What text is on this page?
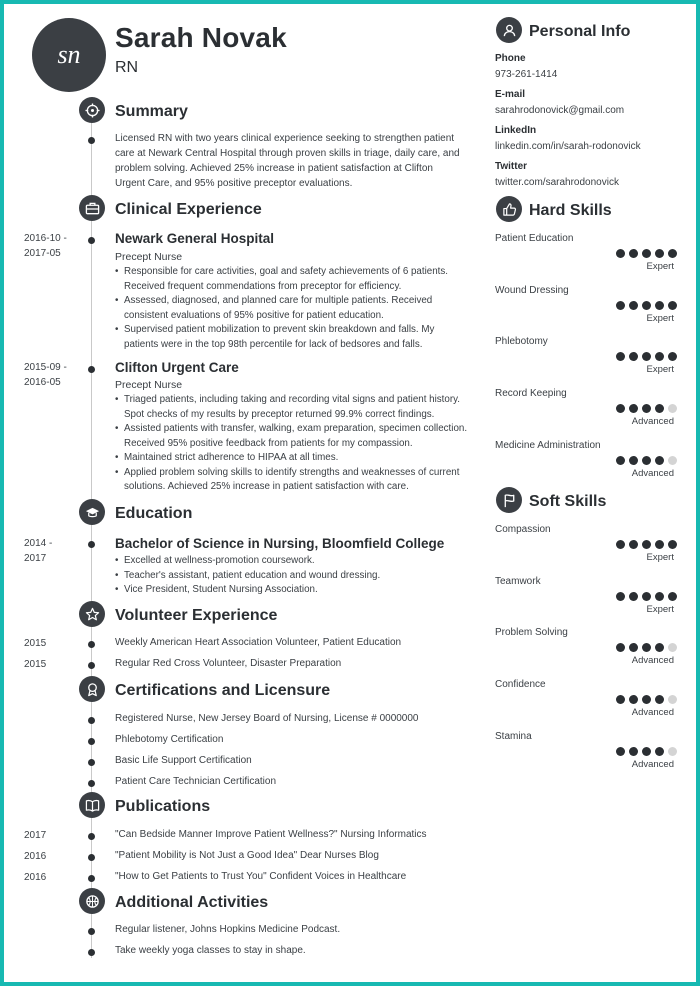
sn
Sarah Novak
RN
Summary
Licensed RN with two years clinical experience seeking to strengthen patient care at Newark Central Hospital through proven skills in triage, daily care, and problem solving. Achieved 25% increase in patient satisfaction at Clifton Urgent Care, and 95% positive preceptor evaluations.
Clinical Experience
2016-10 -
2017-05
Newark General Hospital
Precept Nurse
• Responsible for care activities, goal and safety achievements of 6 patients. Received frequent commendations from preceptor for efficiency.
• Assessed, diagnosed, and planned care for multiple patients. Received consistent evaluations of 95% positive for patient education.
• Supervised patient mobilization to prevent skin breakdown and falls. My patients were in the top 98th percentile for lack of bedsores and falls.
2015-09 -
2016-05
Clifton Urgent Care
Precept Nurse
• Triaged patients, including taking and recording vital signs and patient history. Spot checks of my results by preceptor returned 99.9% correct findings.
• Assisted patients with transfer, walking, exam preparation, specimen collection. Received 95% positive feedback from patients for my compassion.
• Maintained strict adherence to HIPAA at all times.
• Applied problem solving skills to identify strengths and weaknesses of current solutions. Achieved 25% increase in patient satisfaction with care.
Education
2014 -
2017
Bachelor of Science in Nursing, Bloomfield College
• Excelled at wellness-promotion coursework.
• Teacher's assistant, patient education and wound dressing.
• Vice President, Student Nursing Association.
Volunteer Experience
2015	Weekly American Heart Association Volunteer, Patient Education
2015	Regular Red Cross Volunteer, Disaster Preparation
Certifications and Licensure
Registered Nurse, New Jersey Board of Nursing, License # 0000000
Phlebotomy Certification
Basic Life Support Certification
Patient Care Technician Certification
Publications
2017	"Can Bedside Manner Improve Patient Wellness?" Nursing Informatics
2016	"Patient Mobility is Not Just a Good Idea" Dear Nurses Blog
2016	"How to Get Patients to Trust You" Confident Voices in Healthcare
Additional Activities
Regular listener, Johns Hopkins Medicine Podcast.
Take weekly yoga classes to stay in shape.
Personal Info
Phone
973-261-1414
E-mail
sarahrodonovick@gmail.com
LinkedIn
linkedin.com/in/sarah-rodonovick
Twitter
twitter.com/sarahrodonovick
Hard Skills
Patient Education
Expert
Wound Dressing
Expert
Phlebotomy
Expert
Record Keeping
Advanced
Medicine Administration
Advanced
Soft Skills
Compassion
Expert
Teamwork
Expert
Problem Solving
Advanced
Confidence
Advanced
Stamina
Advanced
